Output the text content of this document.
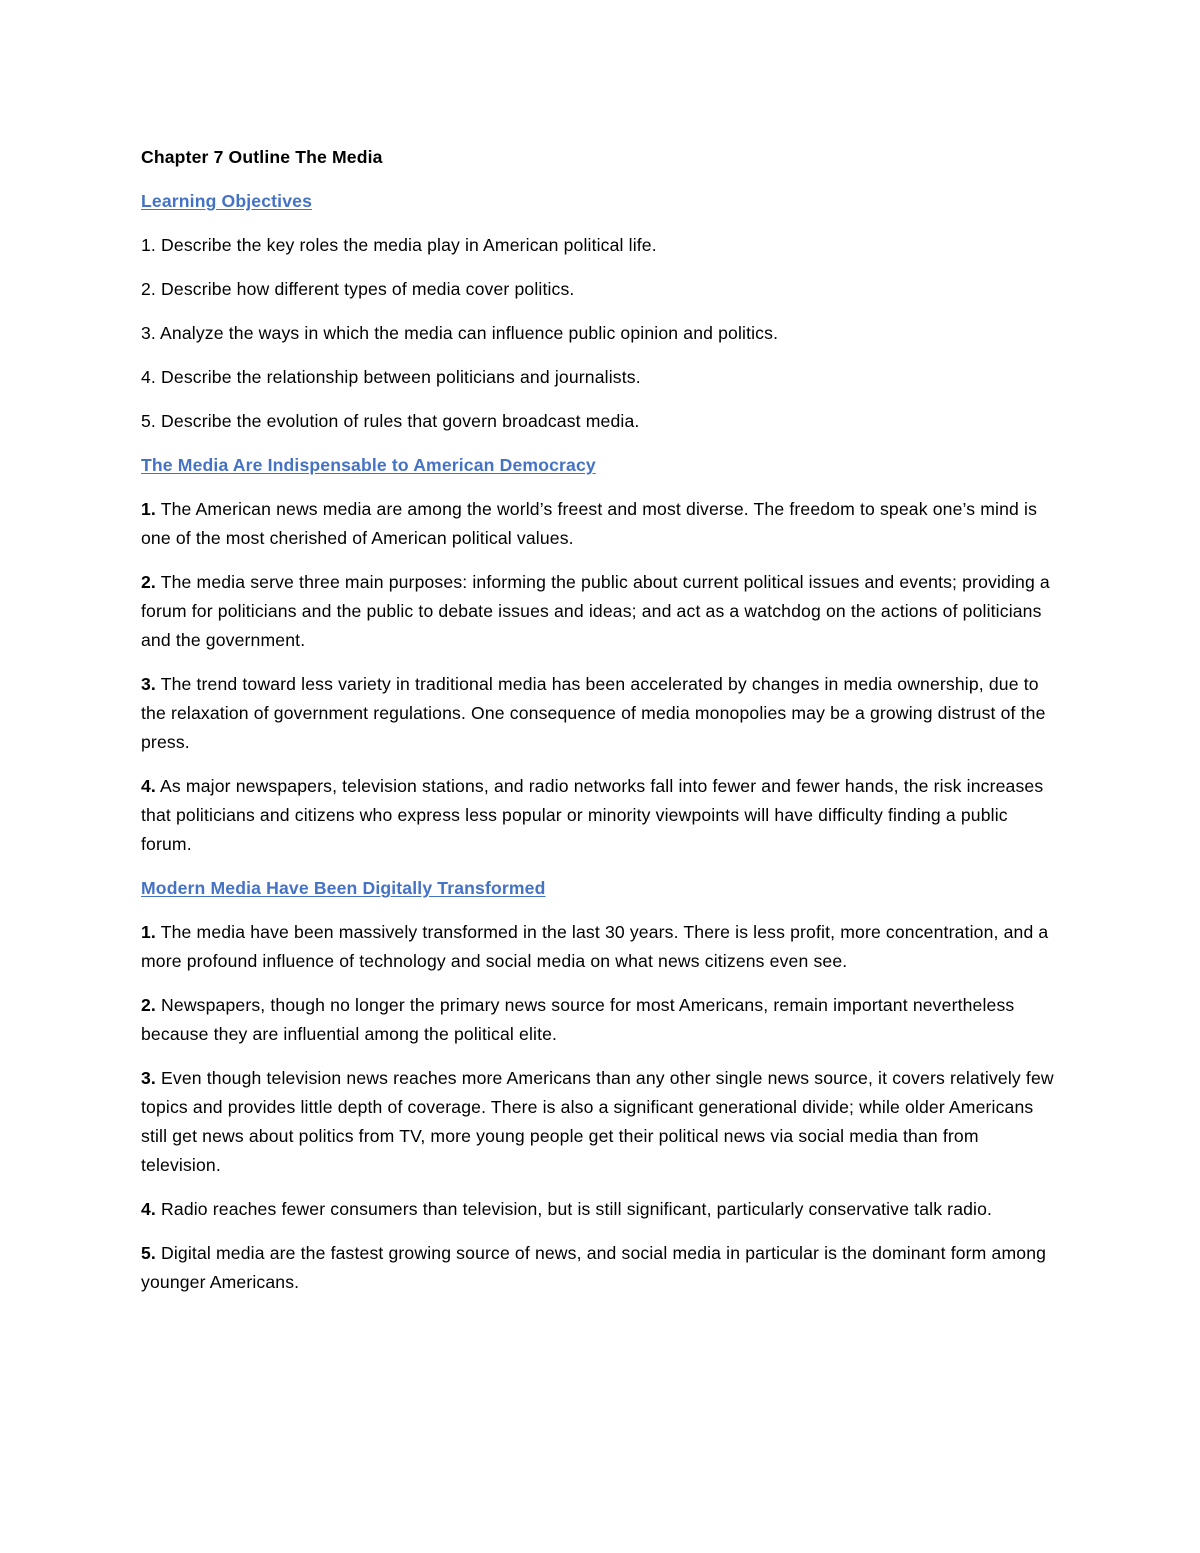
Chapter 7 Outline The Media

Learning Objectives

1. Describe the key roles the media play in American political life.

2. Describe how different types of media cover politics.

3. Analyze the ways in which the media can influence public opinion and politics.

4. Describe the relationship between politicians and journalists.

5. Describe the evolution of rules that govern broadcast media.

The Media Are Indispensable to American Democracy

1. The American news media are among the world’s freest and most diverse. The freedom to speak one’s mind is one of the most cherished of American political values.

2. The media serve three main purposes: informing the public about current political issues and events; providing a forum for politicians and the public to debate issues and ideas; and act as a watchdog on the actions of politicians and the government.

3. The trend toward less variety in traditional media has been accelerated by changes in media ownership, due to the relaxation of government regulations. One consequence of media monopolies may be a growing distrust of the press.

4. As major newspapers, television stations, and radio networks fall into fewer and fewer hands, the risk increases that politicians and citizens who express less popular or minority viewpoints will have difficulty finding a public forum.

Modern Media Have Been Digitally Transformed

1. The media have been massively transformed in the last 30 years. There is less profit, more concentration, and a more profound influence of technology and social media on what news citizens even see.

2. Newspapers, though no longer the primary news source for most Americans, remain important nevertheless because they are influential among the political elite.

3. Even though television news reaches more Americans than any other single news source, it covers relatively few topics and provides little depth of coverage. There is also a significant generational divide; while older Americans still get news about politics from TV, more young people get their political news via social media than from television.

4. Radio reaches fewer consumers than television, but is still significant, particularly conservative talk radio.

5. Digital media are the fastest growing source of news, and social media in particular is the dominant form among younger Americans.
